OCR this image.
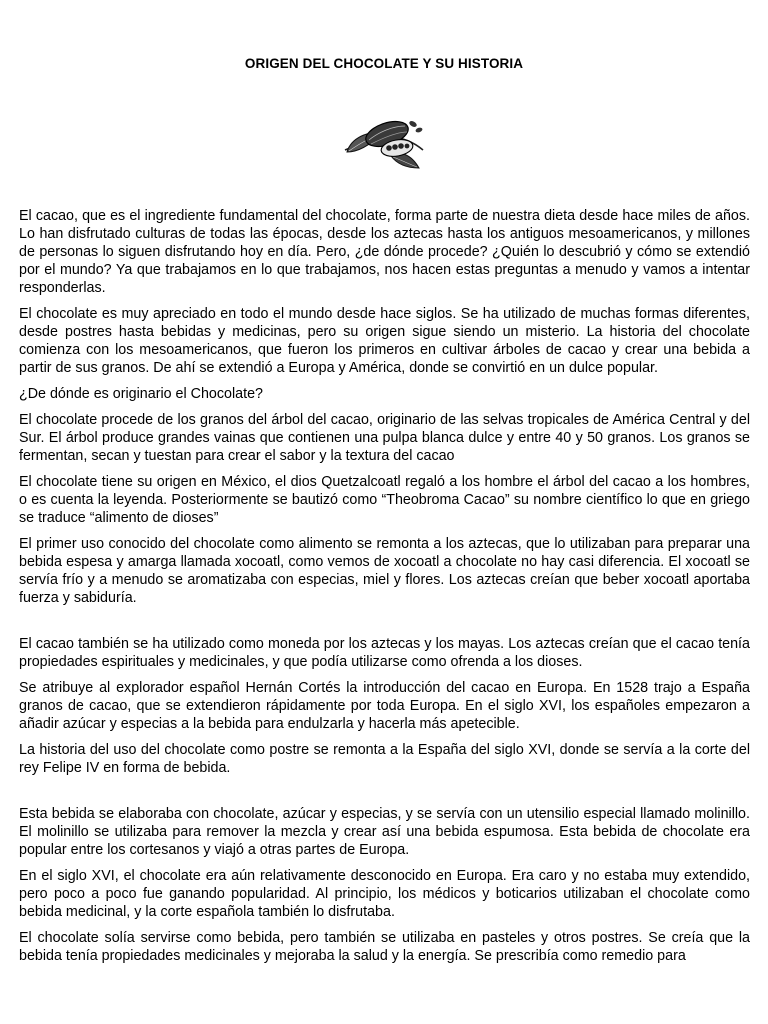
ORIGEN DEL CHOCOLATE Y SU HISTORIA

El cacao, que es el ingrediente fundamental del chocolate, forma parte de nuestra dieta desde hace miles de años. Lo han disfrutado culturas de todas las épocas, desde los aztecas hasta los antiguos mesoamericanos, y millones de personas lo siguen disfrutando hoy en día. Pero, ¿de dónde procede? ¿Quién lo descubrió y cómo se extendió por el mundo? Ya que trabajamos en lo que trabajamos, nos hacen estas preguntas a menudo y vamos a intentar responderlas.

El chocolate es muy apreciado en todo el mundo desde hace siglos. Se ha utilizado de muchas formas diferentes, desde postres hasta bebidas y medicinas, pero su origen sigue siendo un misterio. La historia del chocolate comienza con los mesoamericanos, que fueron los primeros en cultivar árboles de cacao y crear una bebida a partir de sus granos. De ahí se extendió a Europa y América, donde se convirtió en un dulce popular.

¿De dónde es originario el Chocolate?

El chocolate procede de los granos del árbol del cacao, originario de las selvas tropicales de América Central y del Sur. El árbol produce grandes vainas que contienen una pulpa blanca dulce y entre 40 y 50 granos. Los granos se fermentan, secan y tuestan para crear el sabor y la textura del cacao

El chocolate tiene su origen en México, el dios Quetzalcoatl regaló a los hombre el árbol del cacao a los hombres, o es cuenta la leyenda. Posteriormente se bautizó como “Theobroma Cacao” su nombre científico lo que en griego se traduce “alimento de dioses”

El primer uso conocido del chocolate como alimento se remonta a los aztecas, que lo utilizaban para preparar una bebida espesa y amarga llamada xocoatl, como vemos de xocoatl a chocolate no hay casi diferencia. El xocoatl se servía frío y a menudo se aromatizaba con especias, miel y flores. Los aztecas creían que beber xocoatl aportaba fuerza y sabiduría.

El cacao también se ha utilizado como moneda por los aztecas y los mayas. Los aztecas creían que el cacao tenía propiedades espirituales y medicinales, y que podía utilizarse como ofrenda a los dioses.

Se atribuye al explorador español Hernán Cortés la introducción del cacao en Europa. En 1528 trajo a España granos de cacao, que se extendieron rápidamente por toda Europa. En el siglo XVI, los españoles empezaron a añadir azúcar y especias a la bebida para endulzarla y hacerla más apetecible.

La historia del uso del chocolate como postre se remonta a la España del siglo XVI, donde se servía a la corte del rey Felipe IV en forma de bebida.

Esta bebida se elaboraba con chocolate, azúcar y especias, y se servía con un utensilio especial llamado molinillo. El molinillo se utilizaba para remover la mezcla y crear así una bebida espumosa. Esta bebida de chocolate era popular entre los cortesanos y viajó a otras partes de Europa.

En el siglo XVI, el chocolate era aún relativamente desconocido en Europa. Era caro y no estaba muy extendido, pero poco a poco fue ganando popularidad. Al principio, los médicos y boticarios utilizaban el chocolate como bebida medicinal, y la corte española también lo disfrutaba.

El chocolate solía servirse como bebida, pero también se utilizaba en pasteles y otros postres. Se creía que la bebida tenía propiedades medicinales y mejoraba la salud y la energía. Se prescribía como remedio para
